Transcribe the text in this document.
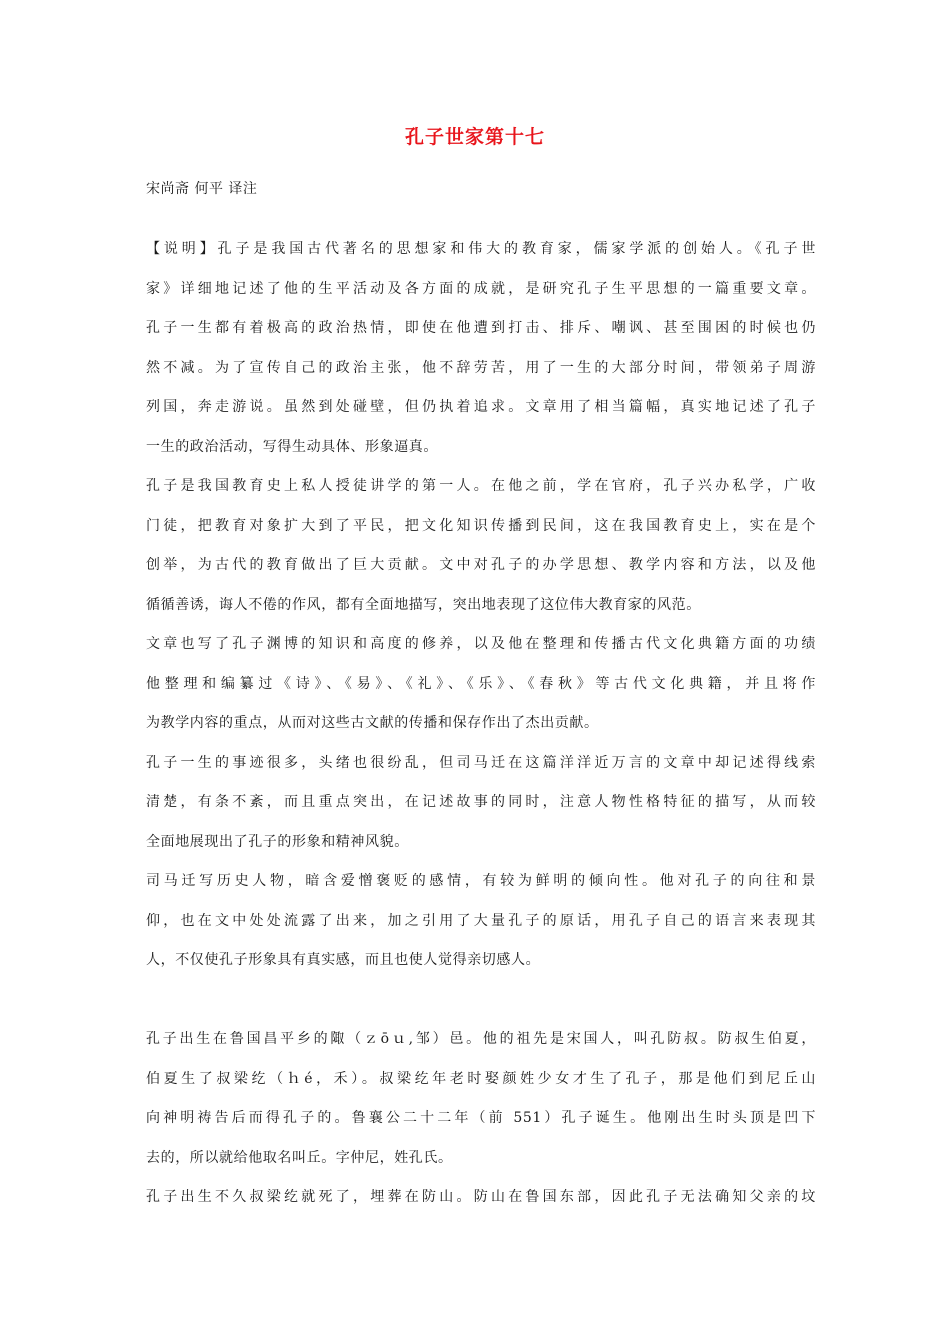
孔子世家第十七
宋尚斋 何平 译注
【说明】孔子是我国古代著名的思想家和伟大的教育家，儒家学派的创始人。《孔子世
家》详细地记述了他的生平活动及各方面的成就，是研究孔子生平思想的一篇重要文章。
孔子一生都有着极高的政治热情，即使在他遭到打击、排斥、嘲讽、甚至围困的时候也仍
然不减。为了宣传自己的政治主张，他不辞劳苦，用了一生的大部分时间，带领弟子周游
列国，奔走游说。虽然到处碰壁，但仍执着追求。文章用了相当篇幅，真实地记述了孔子
一生的政治活动，写得生动具体、形象逼真。
孔子是我国教育史上私人授徒讲学的第一人。在他之前，学在官府，孔子兴办私学，广收
门徒，把教育对象扩大到了平民，把文化知识传播到民间，这在我国教育史上，实在是个
创举，为古代的教育做出了巨大贡献。文中对孔子的办学思想、教学内容和方法，以及他
循循善诱，诲人不倦的作风，都有全面地描写，突出地表现了这位伟大教育家的风范。
文章也写了孔子渊博的知识和高度的修养，以及他在整理和传播古代文化典籍方面的功绩
他整理和编纂过《诗》、《易》、《礼》、《乐》、《春秋》等古代文化典籍，并且将作
为教学内容的重点，从而对这些古文献的传播和保存作出了杰出贡献。
孔子一生的事迹很多，头绪也很纷乱，但司马迁在这篇洋洋近万言的文章中却记述得线索
清楚，有条不紊，而且重点突出，在记述故事的同时，注意人物性格特征的描写，从而较
全面地展现出了孔子的形象和精神风貌。
司马迁写历史人物，暗含爱憎褒贬的感情，有较为鲜明的倾向性。他对孔子的向往和景
仰，也在文中处处流露了出来，加之引用了大量孔子的原话，用孔子自己的语言来表现其
人，不仅使孔子形象具有真实感，而且也使人觉得亲切感人。
孔子出生在鲁国昌平乡的陬（ｚōｕ,邹）邑。他的祖先是宋国人，叫孔防叔。防叔生伯夏，
伯夏生了叔梁纥（ｈé，禾）。叔梁纥年老时娶颜姓少女才生了孔子，那是他们到尼丘山
向神明祷告后而得孔子的。鲁襄公二十二年（前 551）孔子诞生。他刚出生时头顶是凹下
去的，所以就给他取名叫丘。字仲尼，姓孔氏。
孔子出生不久叔梁纥就死了，埋葬在防山。防山在鲁国东部，因此孔子无法确知父亲的坟
